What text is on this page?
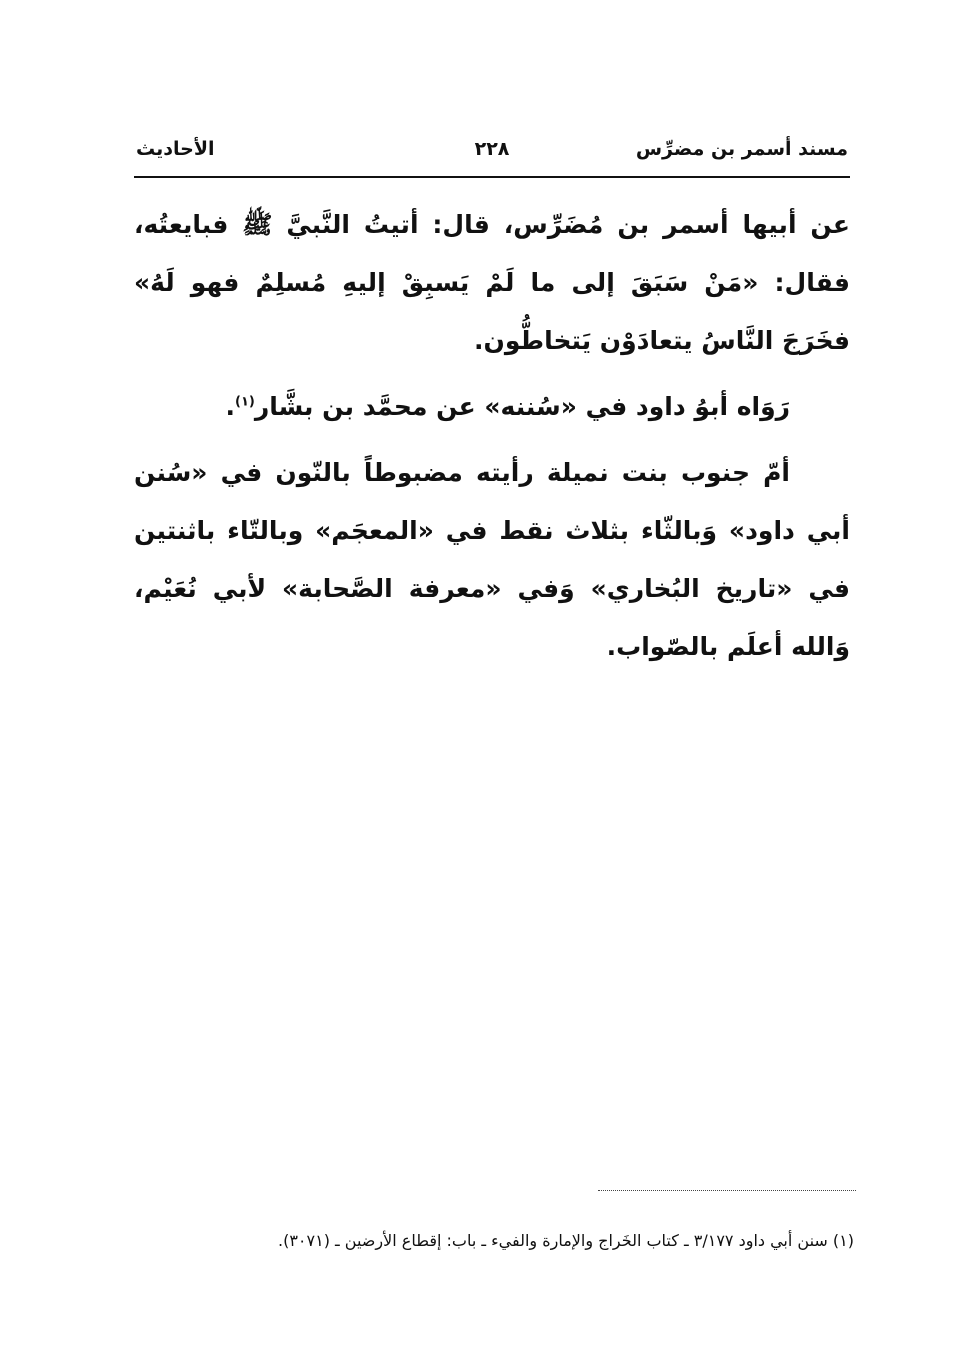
مسند أسمر بن مضرِّس
٢٢٨
الأحاديث

عن أبيها أسمر بن مُضَرِّس، قال: أتيتُ النَّبيَّ ﷺ فبايعتُه، فقال: «مَنْ سَبَقَ إلى ما لَمْ يَسبِقْ إليهِ مُسلِمٌ فهو لَهُ» فخَرَجَ النَّاسُ يتعادَوْن يَتخاطُّون.

رَوَاه أبوُ داود في «سُننه» عن محمَّد بن بشَّار$^{(١)}$.

أمّ جنوب بنت نميلة رأيته مضبوطاً بالنّون في «سُنن أبي داود» وَبالثّاء بثلاث نقط في «المعجَم» وبالتّاء باثنتين في «تاريخ البُخاري» وَفي «معرفة الصَّحابة» لأبي نُعَيْم، وَالله أعلَم بالصّواب.

(١) سنن أبي داود ٣/١٧٧ ـ كتاب الخَراج والإمارة والفيء ـ باب: إقطاع الأرضين ـ (٣٠٧١).
